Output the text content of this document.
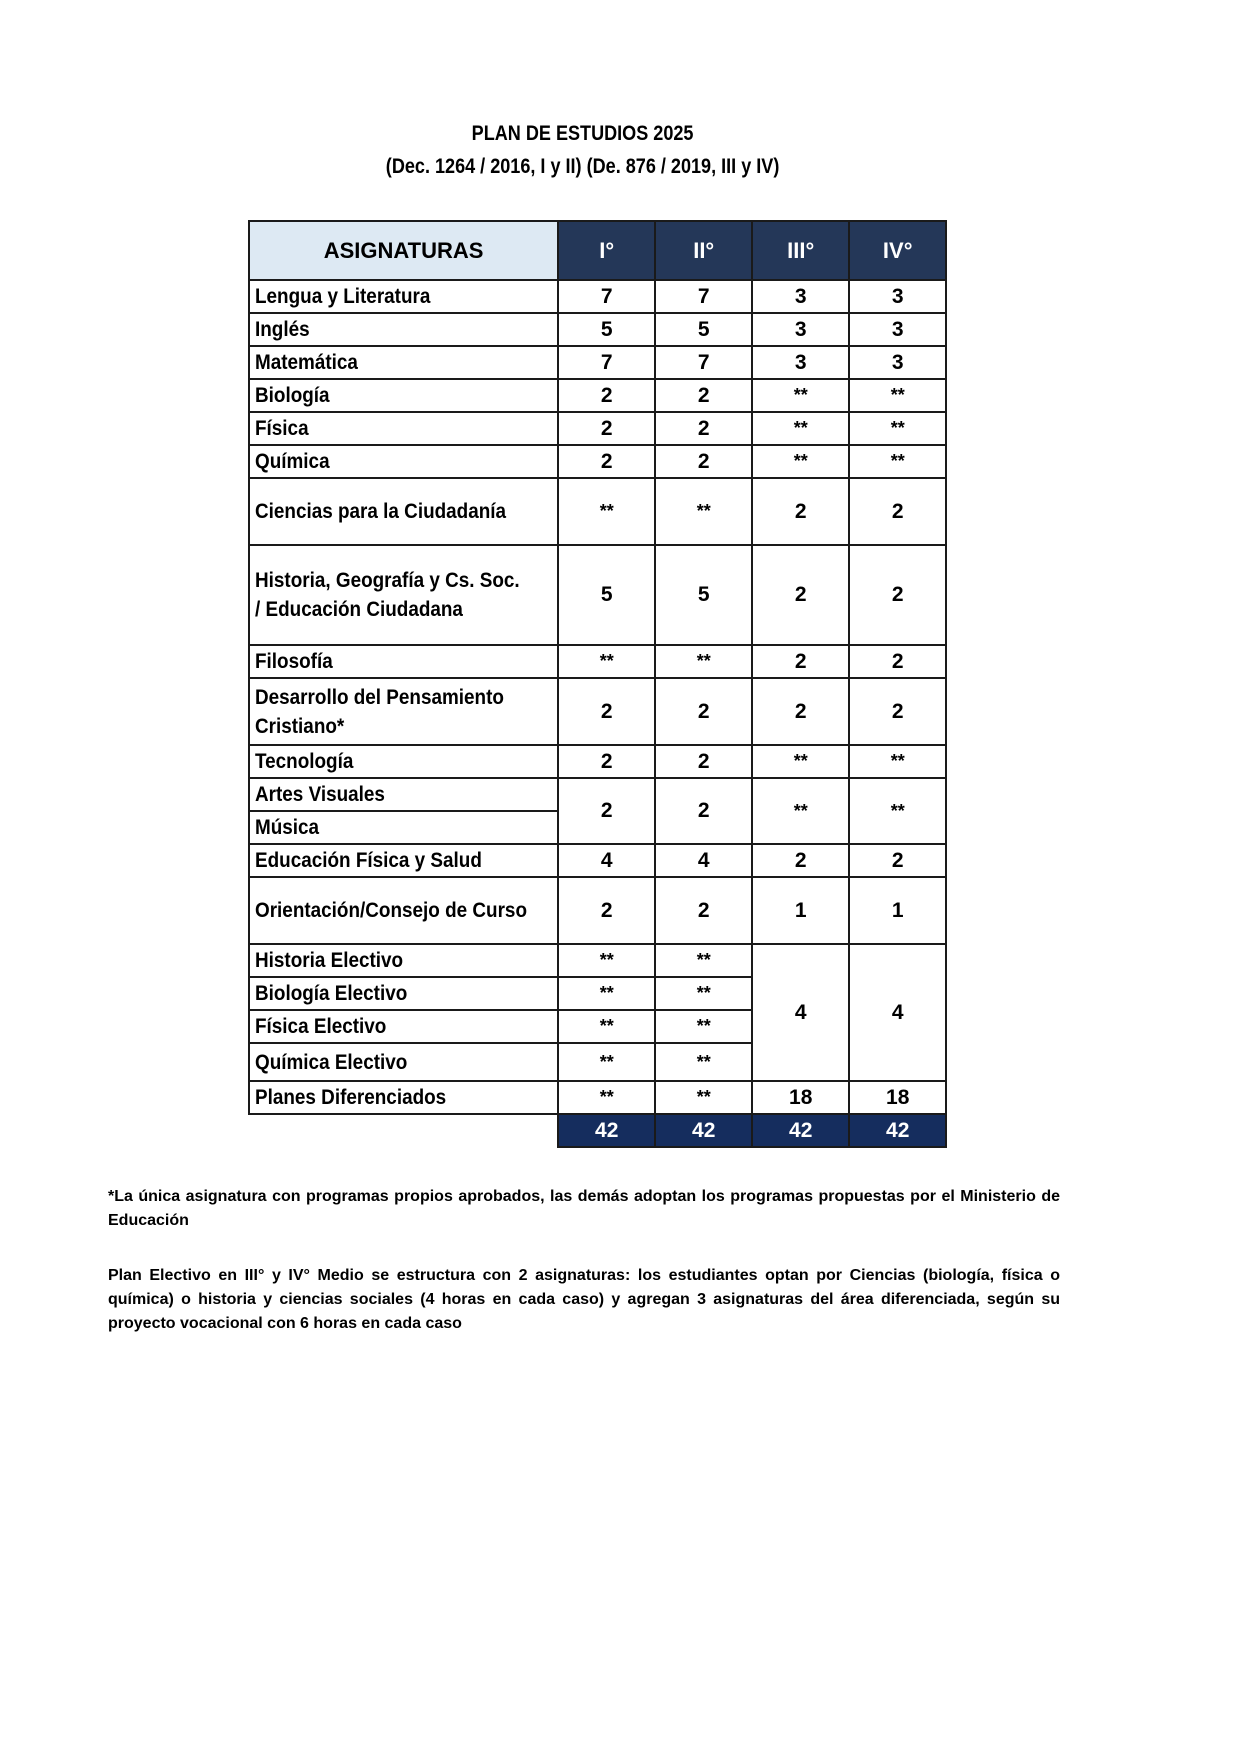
PLAN DE ESTUDIOS 2025
(Dec. 1264 / 2016, I y II) (De. 876 / 2019, III y IV)
ASIGNATURAS	I°	II°	III°	IV°
Lengua y Literatura	7	7	3	3
Inglés	5	5	3	3
Matemática	7	7	3	3
Biología	2	2	**	**
Física	2	2	**	**
Química	2	2	**	**
Ciencias para la Ciudadanía	**	**	2	2
Historia, Geografía y Cs. Soc.
/ Educación Ciudadana	5	5	2	2
Filosofía	**	**	2	2
Desarrollo del Pensamiento
Cristiano*	2	2	2	2
Tecnología	2	2	**	**
Artes Visuales	2	2	**	**
Música				
Educación Física y Salud	4	4	2	2
Orientación/Consejo de Curso	2	2	1	1
Historia Electivo	**	**	4	4
Biología Electivo	**	**		
Física Electivo	**	**		
Química Electivo	**	**		
Planes Diferenciados	**	**	18	18
	42	42	42	42
*La única asignatura con programas propios aprobados, las demás adoptan los programas propuestas por el Ministerio de Educación
Plan Electivo en III° y IV° Medio se estructura con 2 asignaturas: los estudiantes optan por Ciencias (biología, física o química) o historia y ciencias sociales (4 horas en cada caso) y agregan 3 asignaturas del área diferenciada, según su proyecto vocacional con 6 horas en cada caso
